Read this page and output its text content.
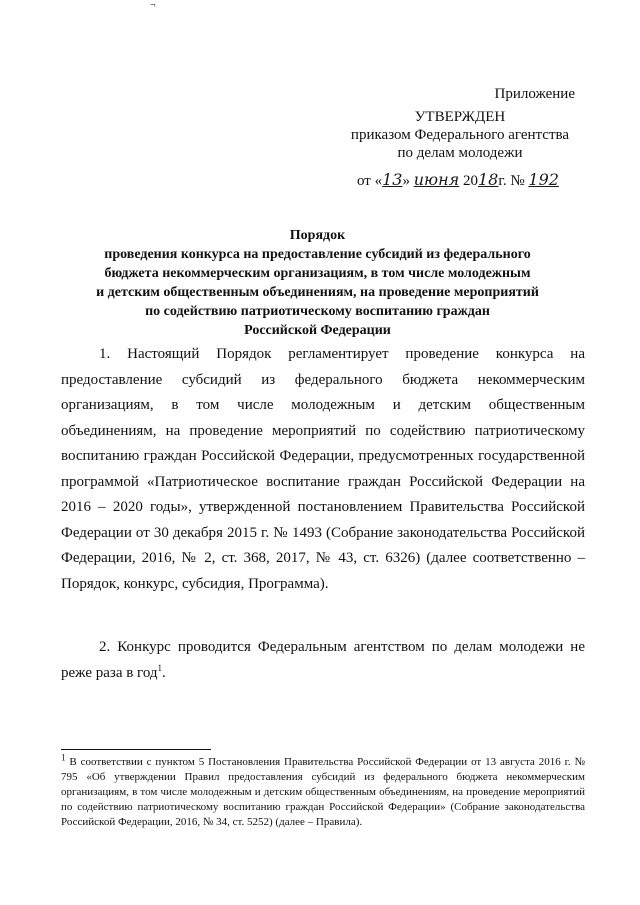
¬
Приложение
УТВЕРЖДЕН
приказом Федерального агентства
по делам молодежи
от «13» июня 2018г. № 192
Порядок
проведения конкурса на предоставление субсидий из федерального
бюджета некоммерческим организациям, в том числе молодежным
и детским общественным объединениям, на проведение мероприятий
по содействию патриотическому воспитанию граждан
Российской Федерации
1. Настоящий Порядок регламентирует проведение конкурса на предоставление субсидий из федерального бюджета некоммерческим организациям, в том числе молодежным и детским общественным объединениям, на проведение мероприятий по содействию патриотическому воспитанию граждан Российской Федерации, предусмотренных государственной программой «Патриотическое воспитание граждан Российской Федерации на 2016 – 2020 годы», утвержденной постановлением Правительства Российской Федерации от 30 декабря 2015 г. № 1493 (Собрание законодательства Российской Федерации, 2016, № 2, ст. 368, 2017, № 43, ст. 6326) (далее соответственно – Порядок, конкурс, субсидия, Программа).
2. Конкурс проводится Федеральным агентством по делам молодежи не реже раза в год$^1$.
$^1$ В соответствии с пунктом 5 Постановления Правительства Российской Федерации от 13 августа 2016 г. № 795 «Об утверждении Правил предоставления субсидий из федерального бюджета некоммерческим организациям, в том числе молодежным и детским общественным объединениям, на проведение мероприятий по содействию патриотическому воспитанию граждан Российской Федерации» (Собрание законодательства Российской Федерации, 2016, № 34, ст. 5252) (далее – Правила).
